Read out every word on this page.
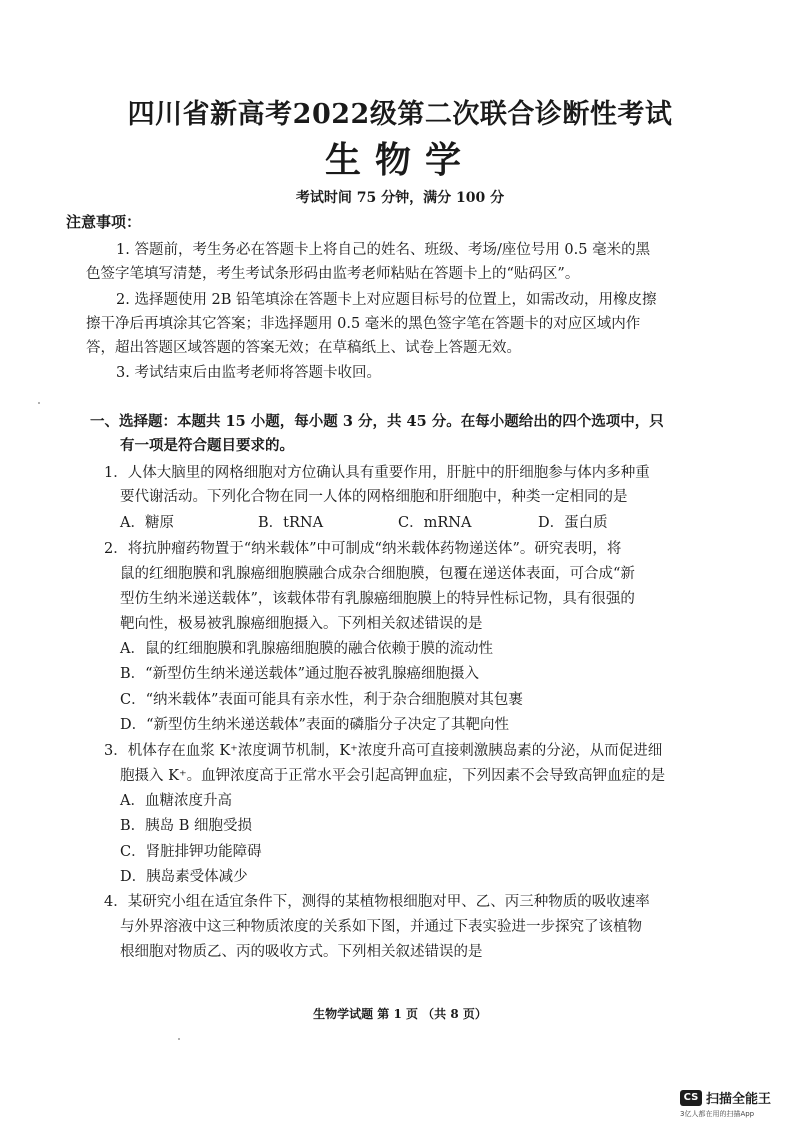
四川省新高考2022级第二次联合诊断性考试
生物学
考试时间 75 分钟，满分 100 分
注意事项：
1. 答题前，考生务必在答题卡上将自己的姓名、班级、考场/座位号用 0.5 毫米的黑
色签字笔填写清楚，考生考试条形码由监考老师粘贴在答题卡上的“贴码区”。
2. 选择题使用 2B 铅笔填涂在答题卡上对应题目标号的位置上，如需改动，用橡皮擦
擦干净后再填涂其它答案；非选择题用 0.5 毫米的黑色签字笔在答题卡的对应区域内作
答，超出答题区域答题的答案无效；在草稿纸上、试卷上答题无效。
3. 考试结束后由监考老师将答题卡收回。
一、选择题：本题共 15 小题，每小题 3 分，共 45 分。在每小题给出的四个选项中，只
有一项是符合题目要求的。
1．人体大脑里的网格细胞对方位确认具有重要作用，肝脏中的肝细胞参与体内多种重
要代谢活动。下列化合物在同一人体的网格细胞和肝细胞中，种类一定相同的是
A．糖原	B．tRNA	C．mRNA	D．蛋白质
2．将抗肿瘤药物置于“纳米载体”中可制成“纳米载体药物递送体”。研究表明，将
鼠的红细胞膜和乳腺癌细胞膜融合成杂合细胞膜，包覆在递送体表面，可合成“新
型仿生纳米递送载体”，该载体带有乳腺癌细胞膜上的特异性标记物，具有很强的
靶向性，极易被乳腺癌细胞摄入。下列相关叙述错误的是
A．鼠的红细胞膜和乳腺癌细胞膜的融合依赖于膜的流动性
B．“新型仿生纳米递送载体”通过胞吞被乳腺癌细胞摄入
C．“纳米载体”表面可能具有亲水性，利于杂合细胞膜对其包裹
D．“新型仿生纳米递送载体”表面的磷脂分子决定了其靶向性
3．机体存在血浆 K⁺浓度调节机制，K⁺浓度升高可直接刺激胰岛素的分泌，从而促进细
胞摄入 K⁺。血钾浓度高于正常水平会引起高钾血症，下列因素不会导致高钾血症的是
A．血糖浓度升高
B．胰岛 B 细胞受损
C．肾脏排钾功能障碍
D．胰岛素受体减少
4．某研究小组在适宜条件下，测得的某植物根细胞对甲、乙、丙三种物质的吸收速率
与外界溶液中这三种物质浓度的关系如下图，并通过下表实验进一步探究了该植物
根细胞对物质乙、丙的吸收方式。下列相关叙述错误的是
生物学试题 第 1 页 （共 8 页）
CS 扫描全能王
3亿人都在用的扫描App
